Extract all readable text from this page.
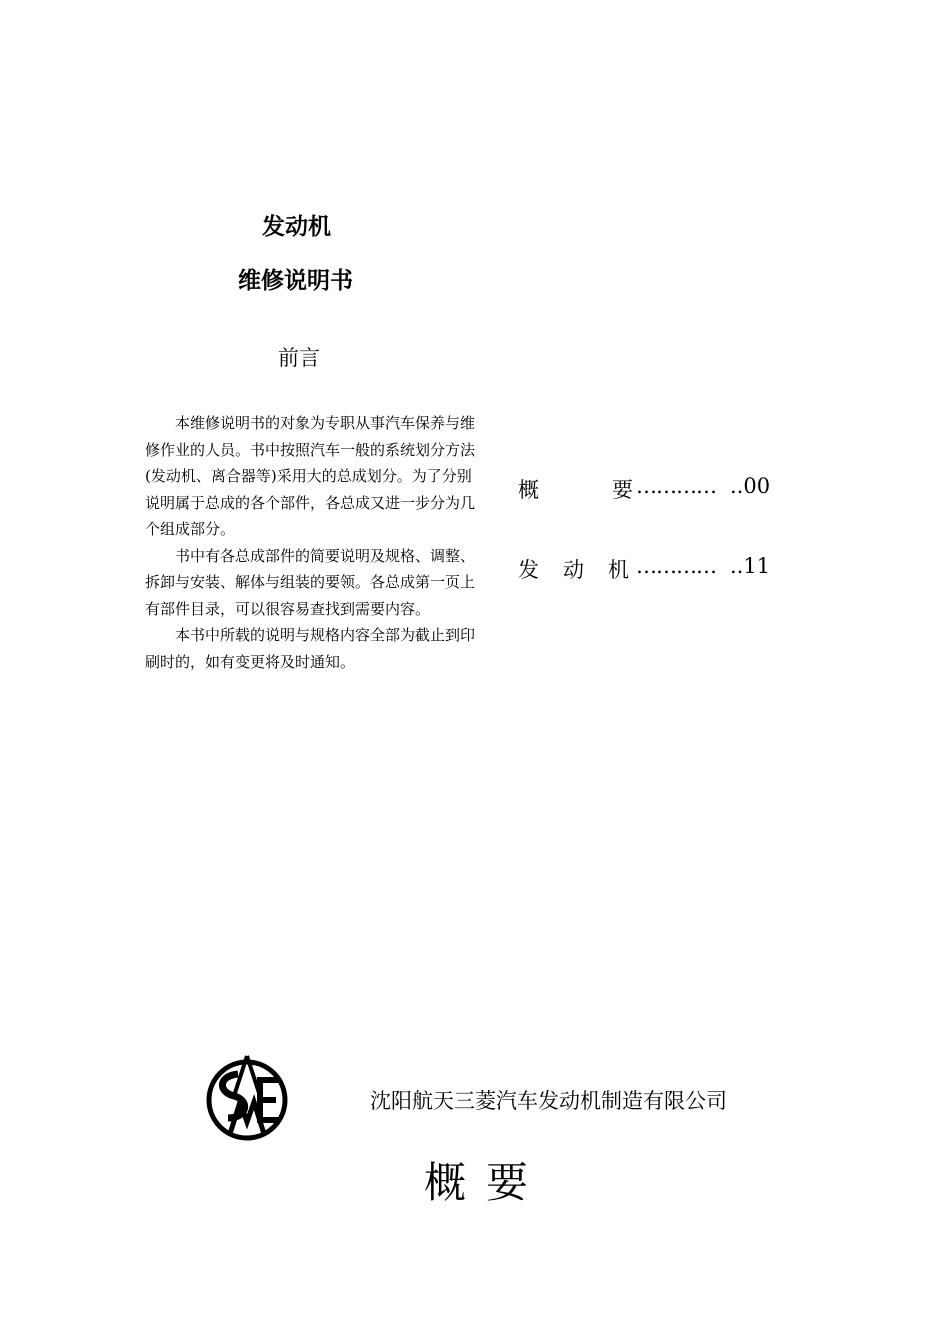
发动机
维修说明书
前言

本维修说明书的对象为专职从事汽车保养与维修作业的人员。书中按照汽车一般的系统划分方法(发动机、离合器等)采用大的总成划分。为了分别说明属于总成的各个部件，各总成又进一步分为几个组成部分。

书中有各总成部件的简要说明及规格、调整、拆卸与安装、解体与组装的要领。各总成第一页上有部件目录，可以很容易查找到需要内容。

本书中所载的说明与规格内容全部为截止到印刷时的，如有变更将及时通知。

概	要 ………… ..00
发 动 机 ………… ..11
沈阳航天三菱汽车发动机制造有限公司
概要
